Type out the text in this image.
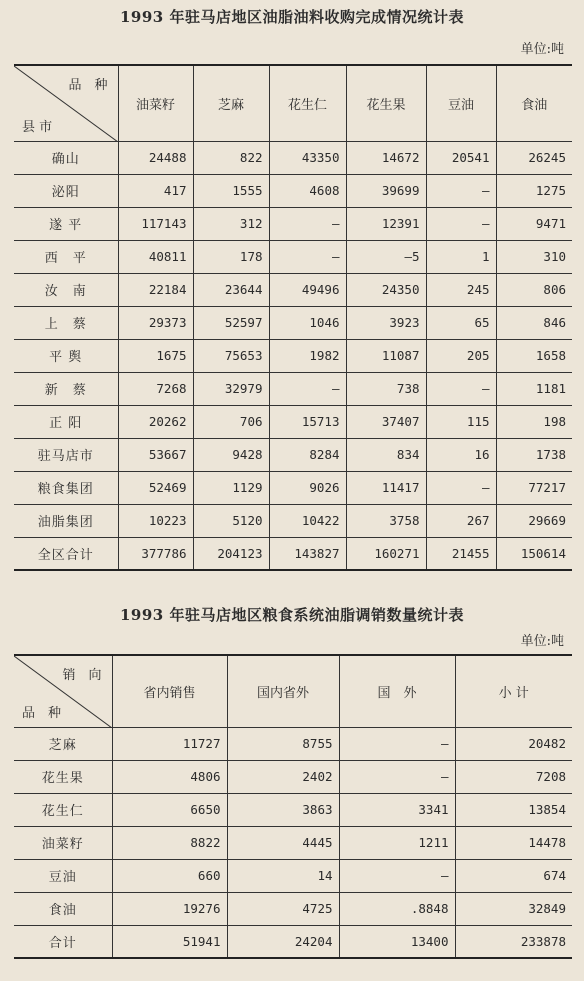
1993 年驻马店地区油脂油料收购完成情况统计表
单位:吨
品　种
县 市	油菜籽	芝麻	花生仁	花生果	豆油	食油
确山	24488	822	43350	14672	20541	26245
泌阳	417	1555	4608	39699	—	1275
遂 平	117143	312	—	12391	—	9471
西　平	40811	178	—	—5	1	310
汝　南	22184	23644	49496	24350	245	806
上　蔡	29373	52597	1046	3923	65	846
平 舆	1675	75653	1982	11087	205	1658
新　蔡	7268	32979	—	738	—	1181
正 阳	20262	706	15713	37407	115	198
驻马店市	53667	9428	8284	834	16	1738
粮食集团	52469	1129	9026	11417	—	77217
油脂集团	10223	5120	10422	3758	267	29669
全区合计	377786	204123	143827	160271	21455	150614
1993 年驻马店地区粮食系统油脂调销数量统计表
单位:吨
销　向
品　种	省内销售	国内省外	国　外	小 计
芝麻	11727	8755	—	20482
花生果	4806	2402	—	7208
花生仁	6650	3863	3341	13854
油菜籽	8822	4445	1211	14478
豆油	660	14	—	674
食油	19276	4725	.8848	32849
合计	51941	24204	13400	233878
